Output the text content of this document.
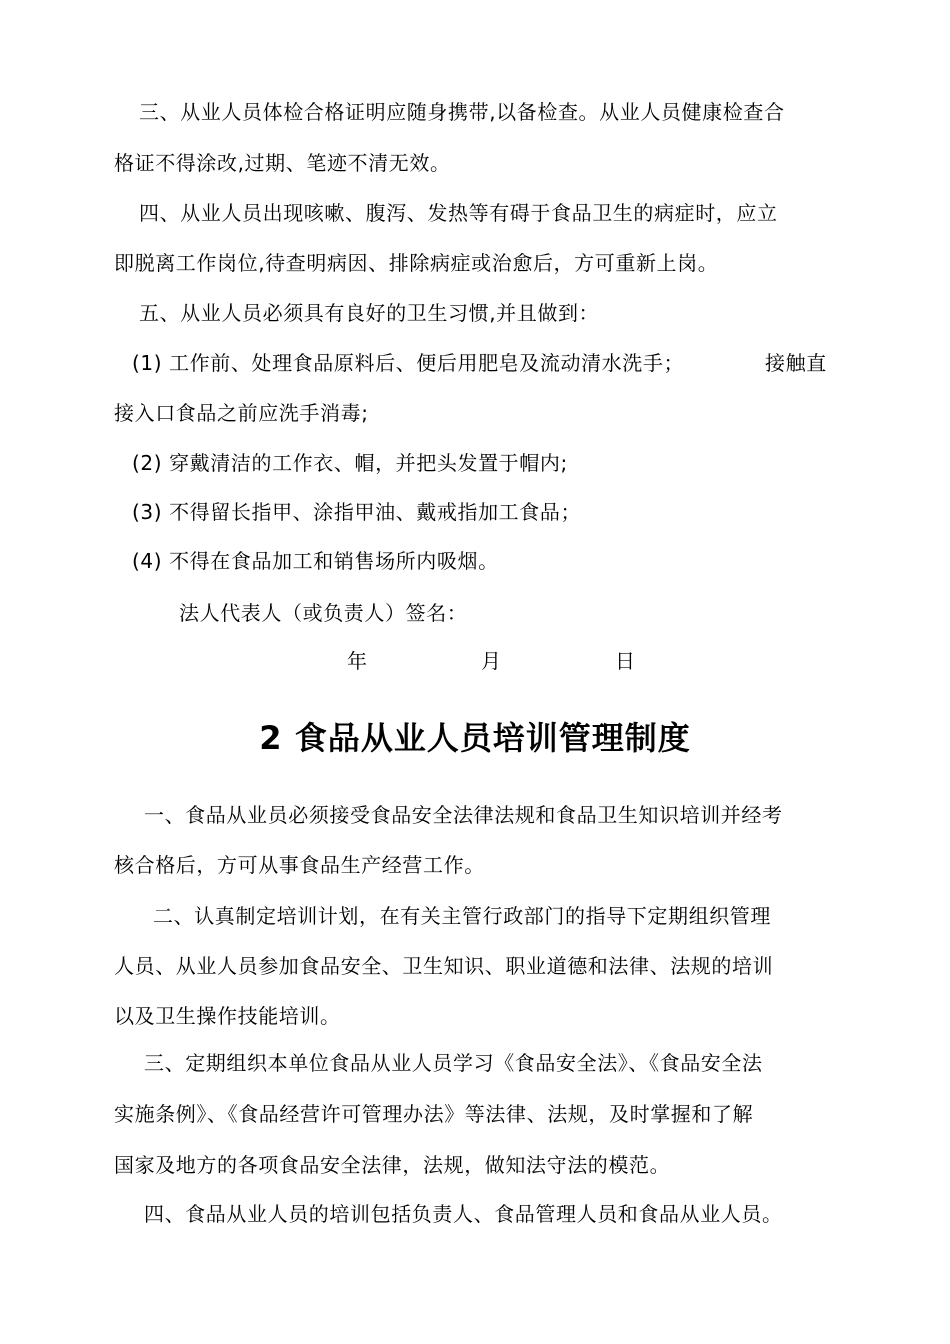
三、从业人员体检合格证明应随身携带,以备检查。从业人员健康检查合
格证不得涂改,过期、笔迹不清无效。
四、从业人员出现咳嗽、腹泻、发热等有碍于食品卫生的病症时，应立
即脱离工作岗位,待查明病因、排除病症或治愈后，方可重新上岗。
五、从业人员必须具有良好的卫生习惯,并且做到：
(1) 工作前、处理食品原料后、便后用肥皂及流动清水洗手；	接触直
接入口食品之前应洗手消毒;
(2) 穿戴清洁的工作衣、帽，并把头发置于帽内;
(3) 不得留长指甲、涂指甲油、戴戒指加工食品；
(4) 不得在食品加工和销售场所内吸烟。
法人代表人（或负责人）签名：
年	月	日
2 食品从业人员培训管理制度
一、食品从业员必须接受食品安全法律法规和食品卫生知识培训并经考
核合格后，方可从事食品生产经营工作。
二、认真制定培训计划，在有关主管行政部门的指导下定期组织管理
人员、从业人员参加食品安全、卫生知识、职业道德和法律、法规的培训
以及卫生操作技能培训。
三、定期组织本单位食品从业人员学习《食品安全法》、《食品安全法
实施条例》、《食品经营许可管理办法》等法律、法规，及时掌握和了解
国家及地方的各项食品安全法律，法规，做知法守法的模范。
四、食品从业人员的培训包括负责人、食品管理人员和食品从业人员。
